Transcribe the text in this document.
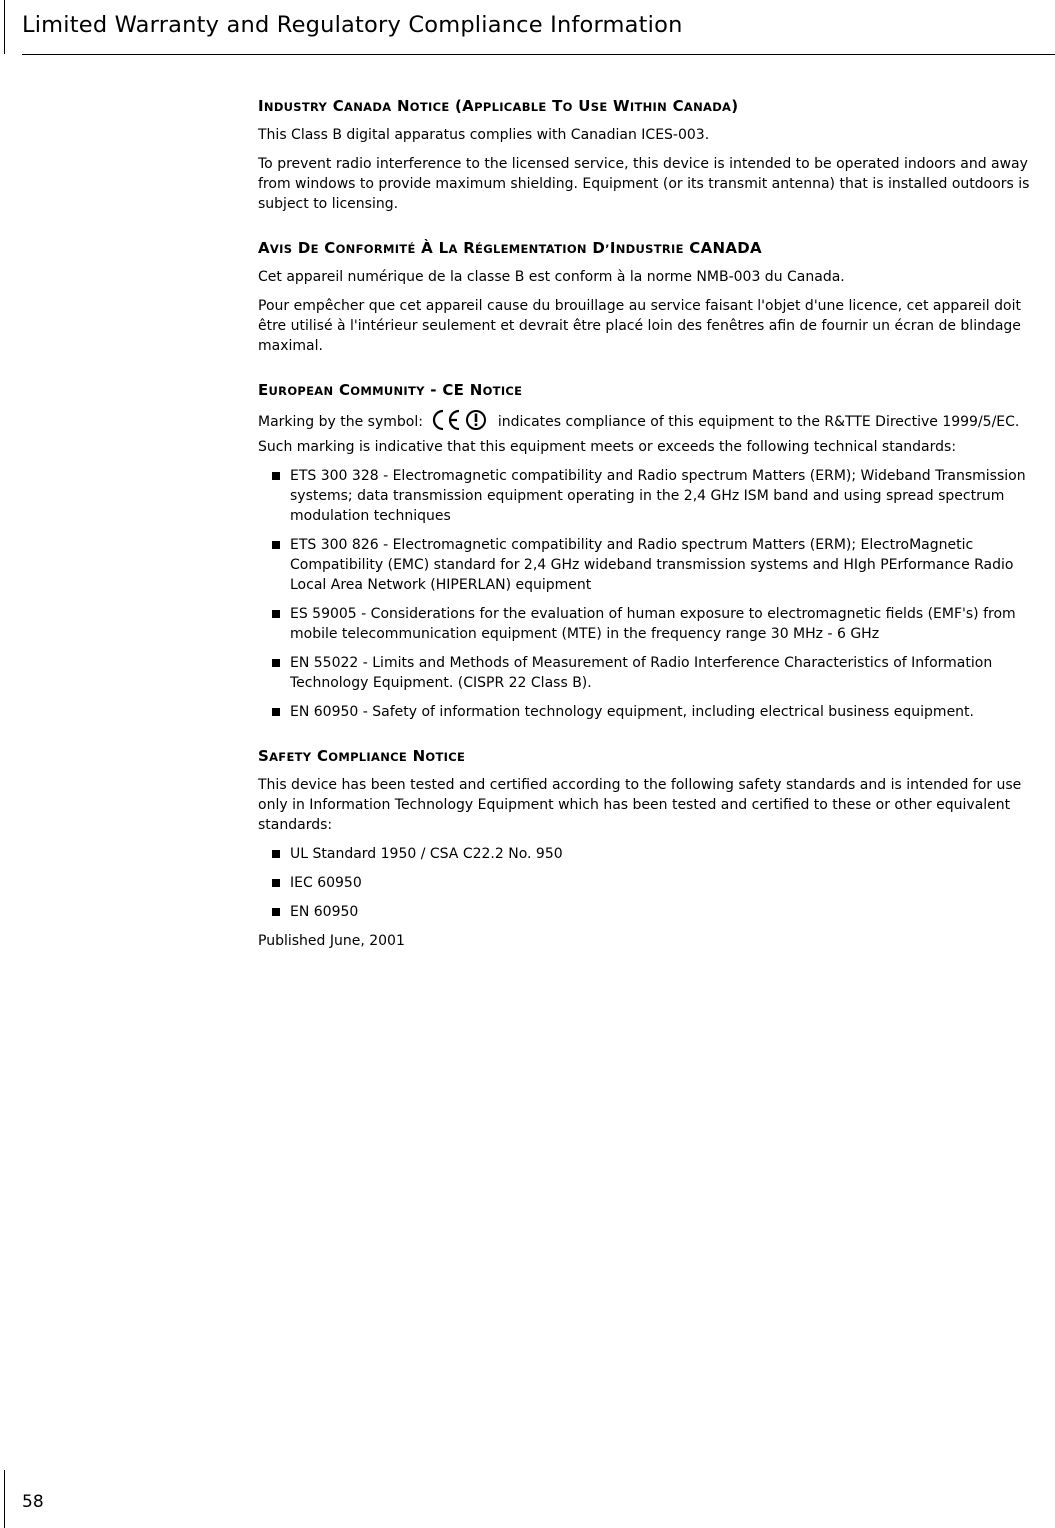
Limited Warranty and Regulatory Compliance Information
INDUSTRY CANADA NOTICE (APPLICABLE TO USE WITHIN CANADA)

This Class B digital apparatus complies with Canadian ICES-003.

To prevent radio interference to the licensed service, this device is intended to be operated indoors and away from windows to provide maximum shielding. Equipment (or its transmit antenna) that is installed outdoors is subject to licensing.

AVIS DE CONFORMITÉ À LA RÉGLEMENTATION D’INDUSTRIE CANADA

Cet appareil numérique de la classe B est conform à la norme NMB-003 du Canada.

Pour empêcher que cet appareil cause du brouillage au service faisant l'objet d'une licence, cet appareil doit être utilisé à l'intérieur seulement et devrait être placé loin des fenêtres afin de fournir un écran de blindage maximal.

EUROPEAN COMMUNITY - CE NOTICE

Marking by the symbol:	indicates compliance of this equipment to the R&TTE Directive 1999/5/EC. Such marking is indicative that this equipment meets or exceeds the following technical standards:

ETS 300 328 - Electromagnetic compatibility and Radio spectrum Matters (ERM); Wideband Transmission systems; data transmission equipment operating in the 2,4 GHz ISM band and using spread spectrum modulation techniques
ETS 300 826 - Electromagnetic compatibility and Radio spectrum Matters (ERM); ElectroMagnetic Compatibility (EMC) standard for 2,4 GHz wideband transmission systems and HIgh PErformance Radio Local Area Network (HIPERLAN) equipment
ES 59005 - Considerations for the evaluation of human exposure to electromagnetic fields (EMF's) from mobile telecommunication equipment (MTE) in the frequency range 30 MHz - 6 GHz
EN 55022 - Limits and Methods of Measurement of Radio Interference Characteristics of Information Technology Equipment. (CISPR 22 Class B).
EN 60950 - Safety of information technology equipment, including electrical business equipment.
SAFETY COMPLIANCE NOTICE

This device has been tested and certified according to the following safety standards and is intended for use only in Information Technology Equipment which has been tested and certified to these or other equivalent standards:

UL Standard 1950 / CSA C22.2 No. 950
IEC 60950
EN 60950

Published June, 2001

58
